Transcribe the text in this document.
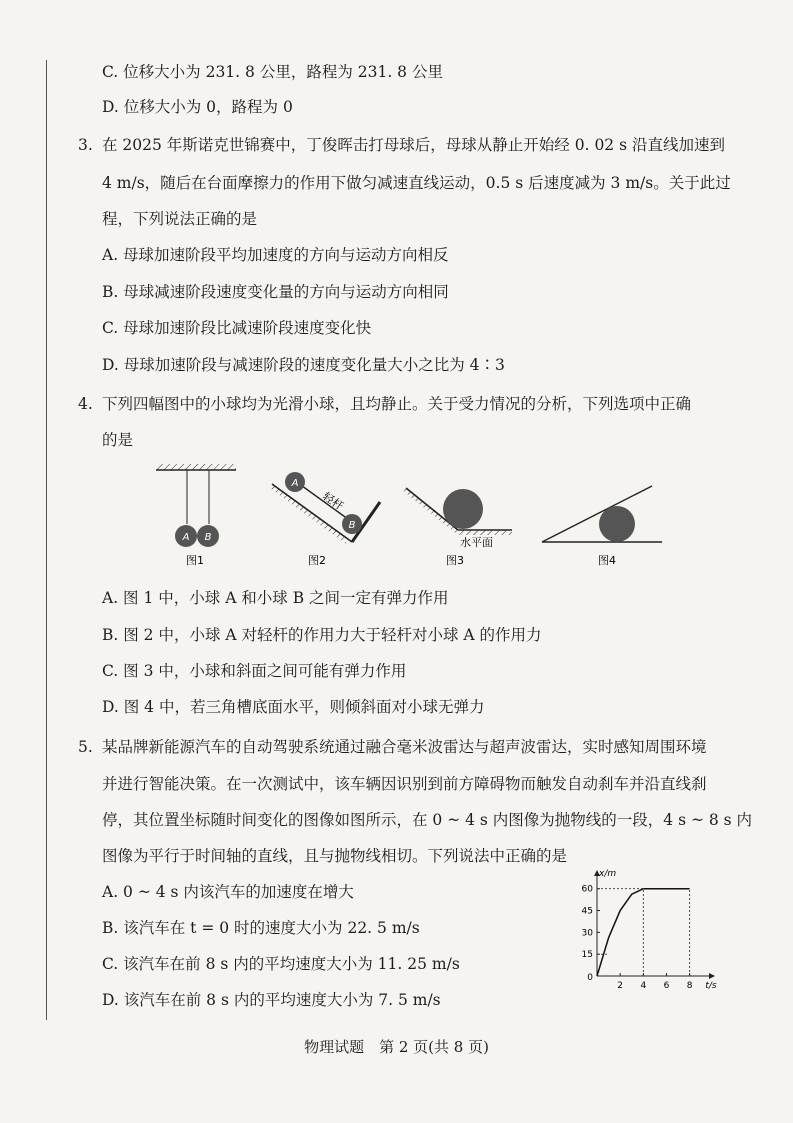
C. 位移大小为 231. 8 公里，路程为 231. 8 公里
D. 位移大小为 0，路程为 0
3. 在 2025 年斯诺克世锦赛中，丁俊晖击打母球后，母球从静止开始经 0. 02 s 沿直线加速到
4 m/s，随后在台面摩擦力的作用下做匀减速直线运动，0.5 s 后速度减为 3 m/s。关于此过
程，下列说法正确的是
A. 母球加速阶段平均加速度的方向与运动方向相反
B. 母球减速阶段速度变化量的方向与运动方向相同
C. 母球加速阶段比减速阶段速度变化快
D. 母球加速阶段与减速阶段的速度变化量大小之比为 4∶3
4. 下列四幅图中的小球均为光滑小球，且均静止。关于受力情况的分析，下列选项中正确
的是
A B
图1
A
B
轻杆
图2
水平面
图3	图4
A. 图 1 中，小球 A 和小球 B 之间一定有弹力作用
B. 图 2 中，小球 A 对轻杆的作用力大于轻杆对小球 A 的作用力
C. 图 3 中，小球和斜面之间可能有弹力作用
D. 图 4 中，若三角槽底面水平，则倾斜面对小球无弹力
5. 某品牌新能源汽车的自动驾驶系统通过融合毫米波雷达与超声波雷达，实时感知周围环境
并进行智能决策。在一次测试中，该车辆因识别到前方障碍物而触发自动刹车并沿直线刹
停，其位置坐标随时间变化的图像如图所示，在 0 ~ 4 s 内图像为抛物线的一段，4 s ~ 8 s 内
图像为平行于时间轴的直线，且与抛物线相切。下列说法中正确的是
A. 0 ~ 4 s 内该汽车的加速度在增大
B. 该汽车在 t = 0 时的速度大小为 22. 5 m/s
C. 该汽车在前 8 s 内的平均速度大小为 11. 25 m/s
D. 该汽车在前 8 s 内的平均速度大小为 7. 5 m/s
2 4 6 8
15
30
45
60
0
t/s
x/m
物理试题　第 2 页(共 8 页)
